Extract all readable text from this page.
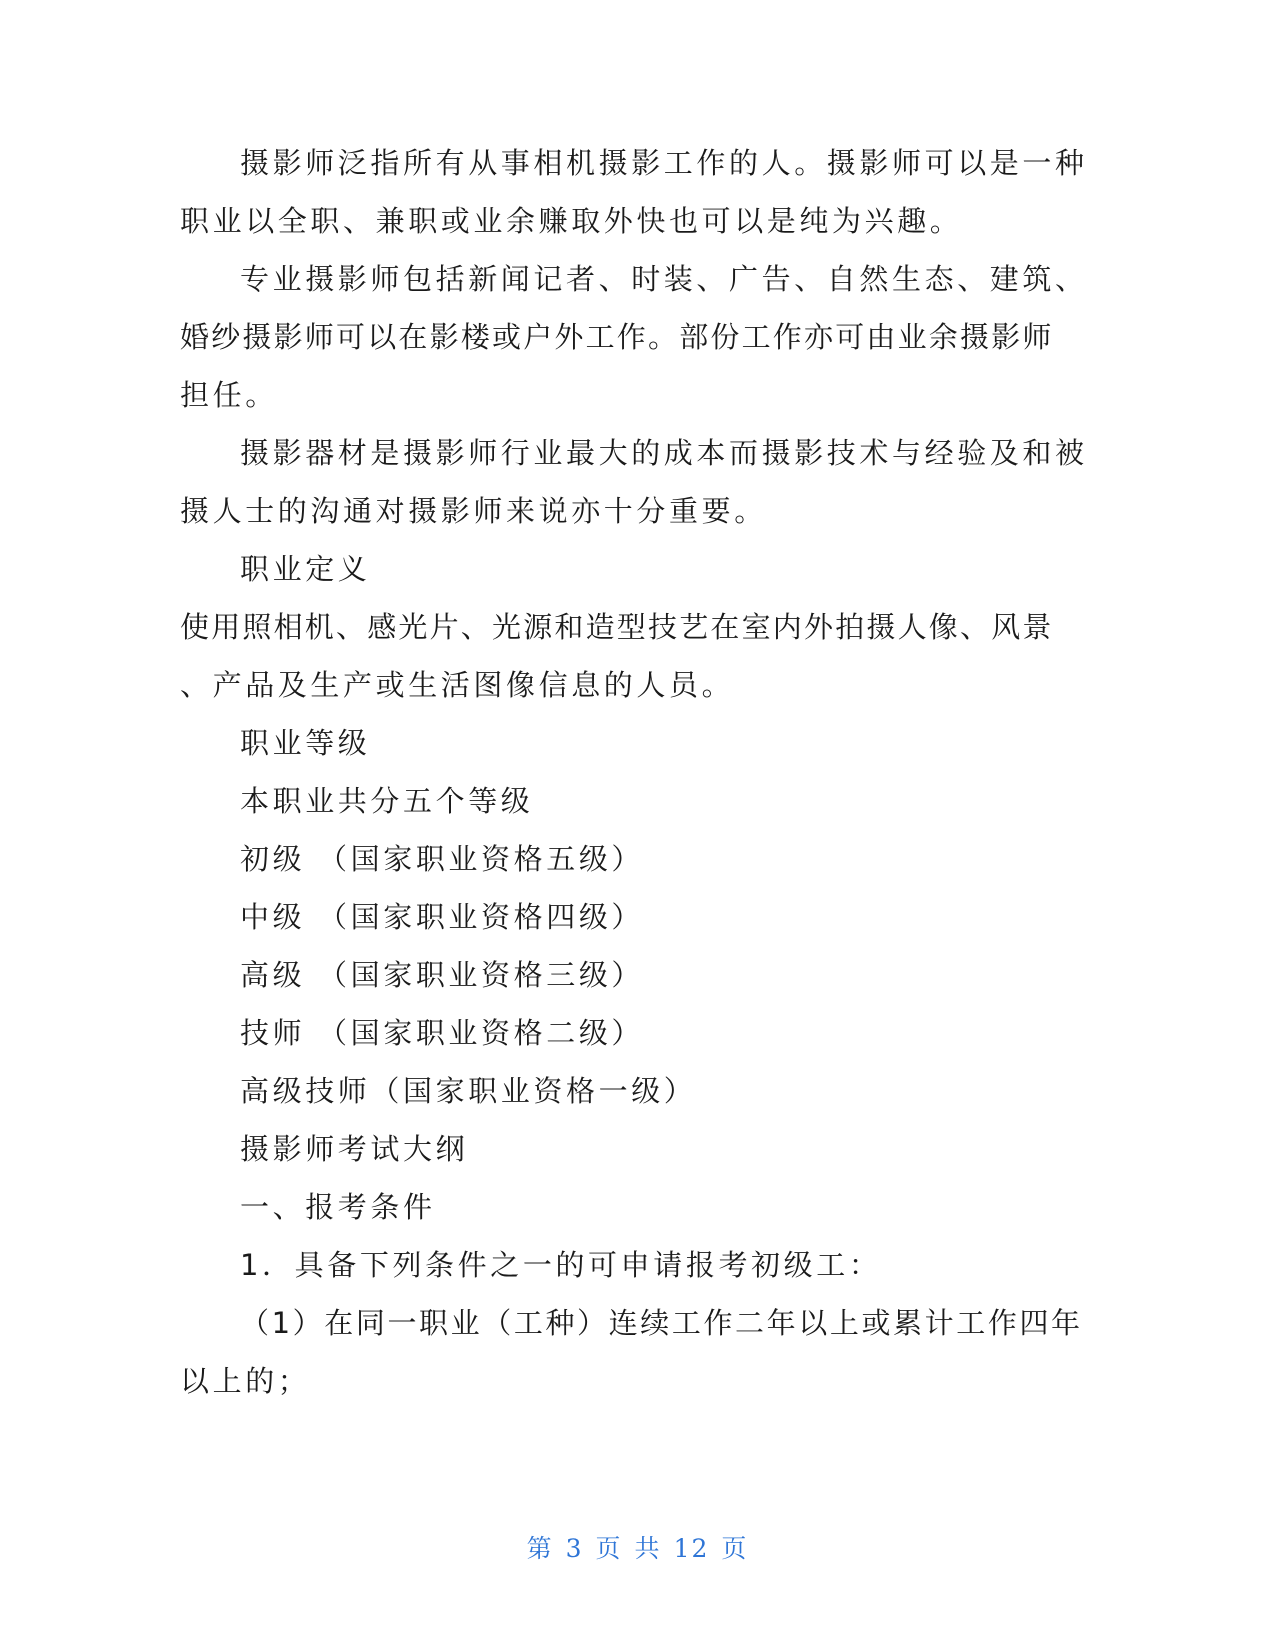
摄影师泛指所有从事相机摄影工作的人。摄影师可以是一种
职业以全职、兼职或业余赚取外快也可以是纯为兴趣。
专业摄影师包括新闻记者、时装、广告、自然生态、建筑、
婚纱摄影师可以在影楼或户外工作。部份工作亦可由业余摄影师
担任。
摄影器材是摄影师行业最大的成本而摄影技术与经验及和被
摄人士的沟通对摄影师来说亦十分重要。
职业定义
使用照相机、感光片、光源和造型技艺在室内外拍摄人像、风景
、产品及生产或生活图像信息的人员。
职业等级
本职业共分五个等级
初级 （国家职业资格五级）
中级 （国家职业资格四级）
高级 （国家职业资格三级）
技师 （国家职业资格二级）
高级技师（国家职业资格一级）
摄影师考试大纲
一、报考条件
1．具备下列条件之一的可申请报考初级工：
（1）在同一职业（工种）连续工作二年以上或累计工作四年
以上的；
第 3 页 共 12 页
